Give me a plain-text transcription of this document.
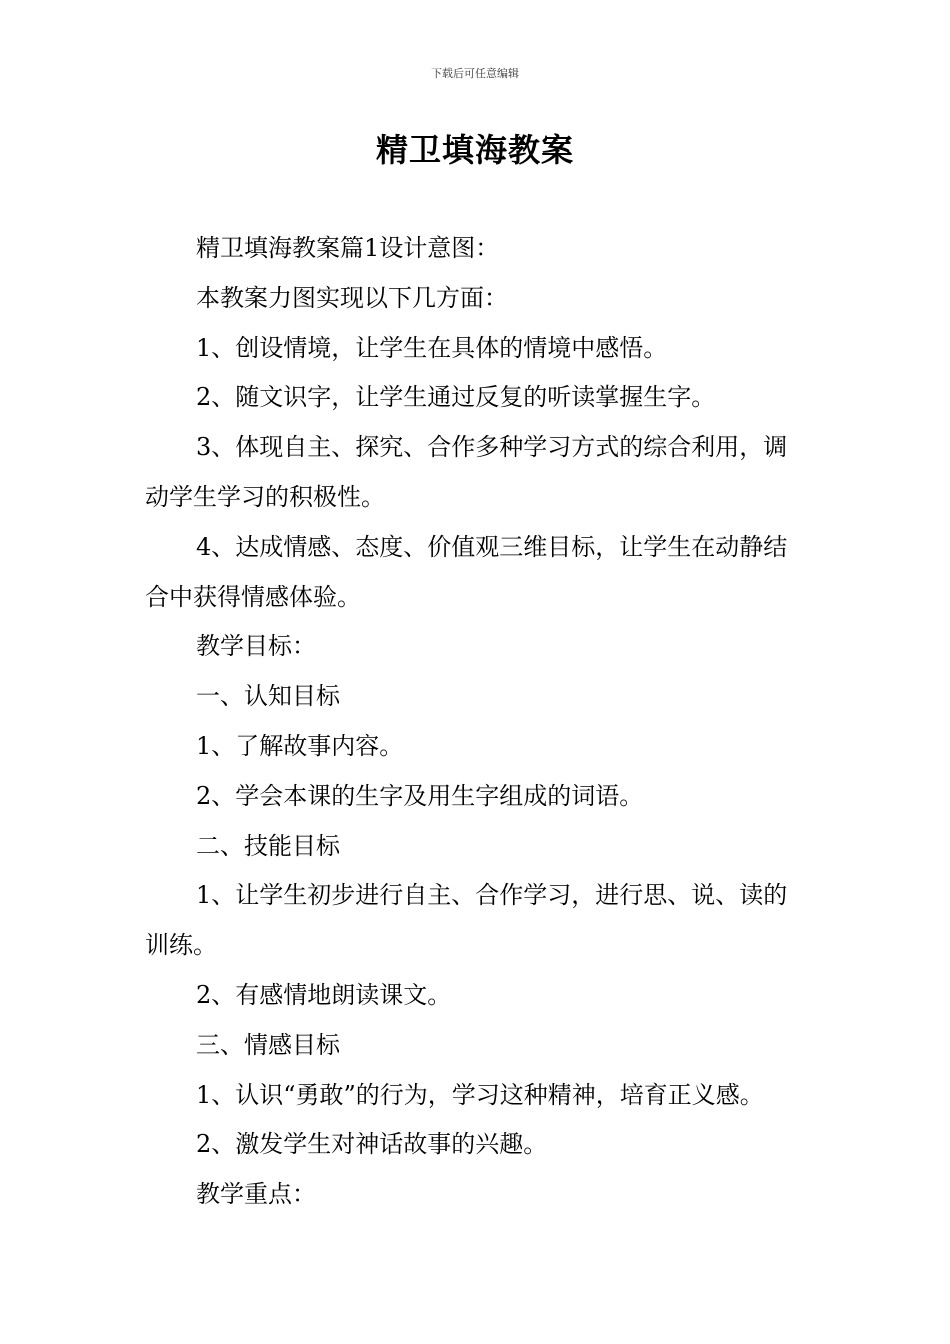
下载后可任意编辑
精卫填海教案

精卫填海教案篇1设计意图：

本教案力图实现以下几方面：

1、创设情境，让学生在具体的情境中感悟。

2、随文识字，让学生通过反复的听读掌握生字。

3、体现自主、探究、合作多种学习方式的综合利用，调动学生学习的积极性。

4、达成情感、态度、价值观三维目标，让学生在动静结合中获得情感体验。

教学目标：

一、认知目标

1、了解故事内容。

2、学会本课的生字及用生字组成的词语。

二、技能目标

1、让学生初步进行自主、合作学习，进行思、说、读的训练。

2、有感情地朗读课文。

三、情感目标

1、认识“勇敢”的行为，学习这种精神，培育正义感。

2、激发学生对神话故事的兴趣。

教学重点：
